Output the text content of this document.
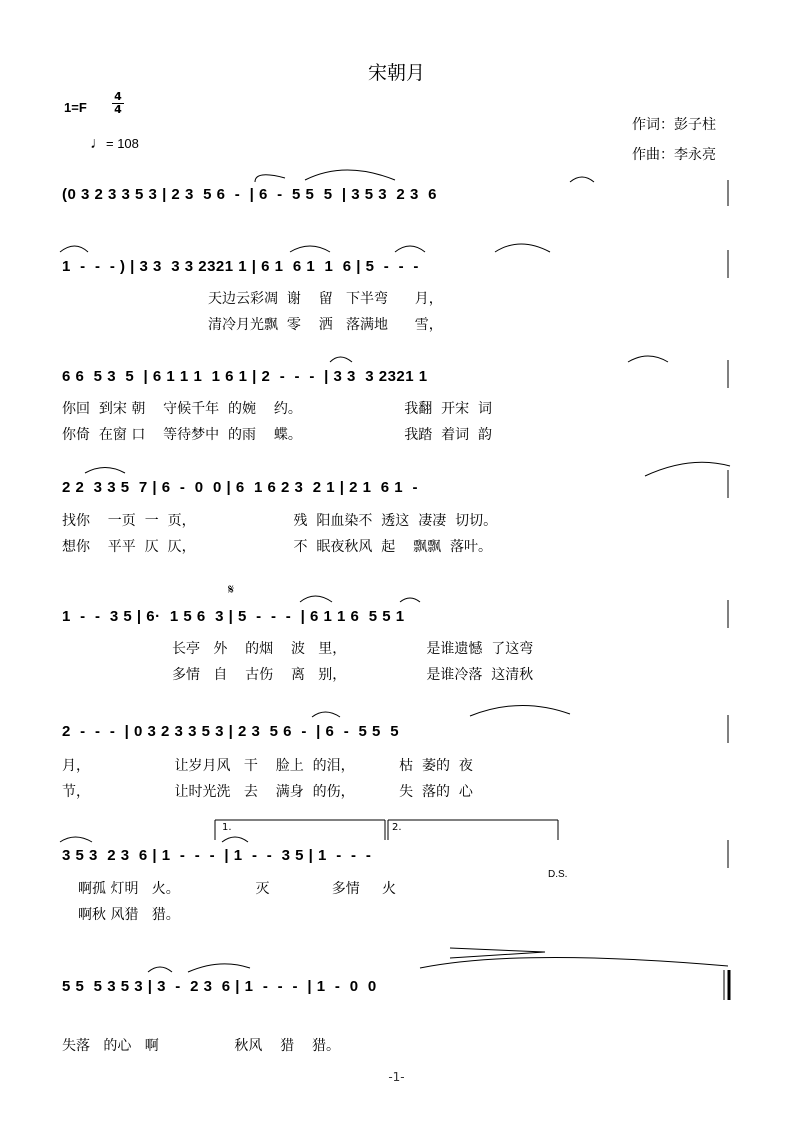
宋朝月
$1=F \frac{4}{4}$
♩= 108
作词：彭子柱
作曲：李永亮
(0 3 2 3 3 5 3 | 2 3  5 6  -  | 6  -  5 5  5  | 3 5 3  2 3  6
1  -  -  - ) | 3 3  3 3 2321 1 | 6 1  6 1  1  6 | 5  -  -  -
天边云彩凋  谢    留   下半弯      月，
清冷月光飘  零    洒   落满地      雪，
6 6  5 3  5  | 6 1 1 1  1 6 1 | 2  -  -  -  | 3 3  3 2321 1
你回  到宋 朝    守候千年  的婉    约。                       我翻  开宋  词
你倚  在窗 口    等待梦中  的雨    蝶。                       我踏  着词  韵
2 2  3 3 5  7 | 6  -  0  0 | 6  1 6 2 3  2 1 | 2 1  6 1  -
找你    一页  一  页，                      残  阳血染不  透这  凄凄  切切。
想你    平平  仄  仄，                      不  眠夜秋风  起    飘飘  落叶。
𝄋
1  -  -  3 5 | 6·  1 5 6  3 | 5  -  -  -  | 6 1 1 6  5 5 1
长亭   外    的烟    波   里，                  是谁遗憾  了这弯
多情   自    古伤    离   别，                  是谁冷落  这清秋
2  -  -  -  | 0 3 2 3 3 5 3 | 2 3  5 6  -  | 6  -  5 5  5
月，                   让岁月风   干    脸上  的泪，          枯  萎的  夜
节，                   让时光洗   去    满身  的伤，          失  落的  心
1.	2.
3 5 3  2 3  6 | 1  -  -  -  | 1  -  -  3 5 | 1  -  -  -
D.S.
啊孤 灯明   火。                 灭              多情     火
啊秋 风猎   猎。
5 5  5 3 5 3 | 3  -  2 3  6 | 1  -  -  -  | 1  -  0  0
失落   的心   啊                 秋风    猎    猎。
-1-
